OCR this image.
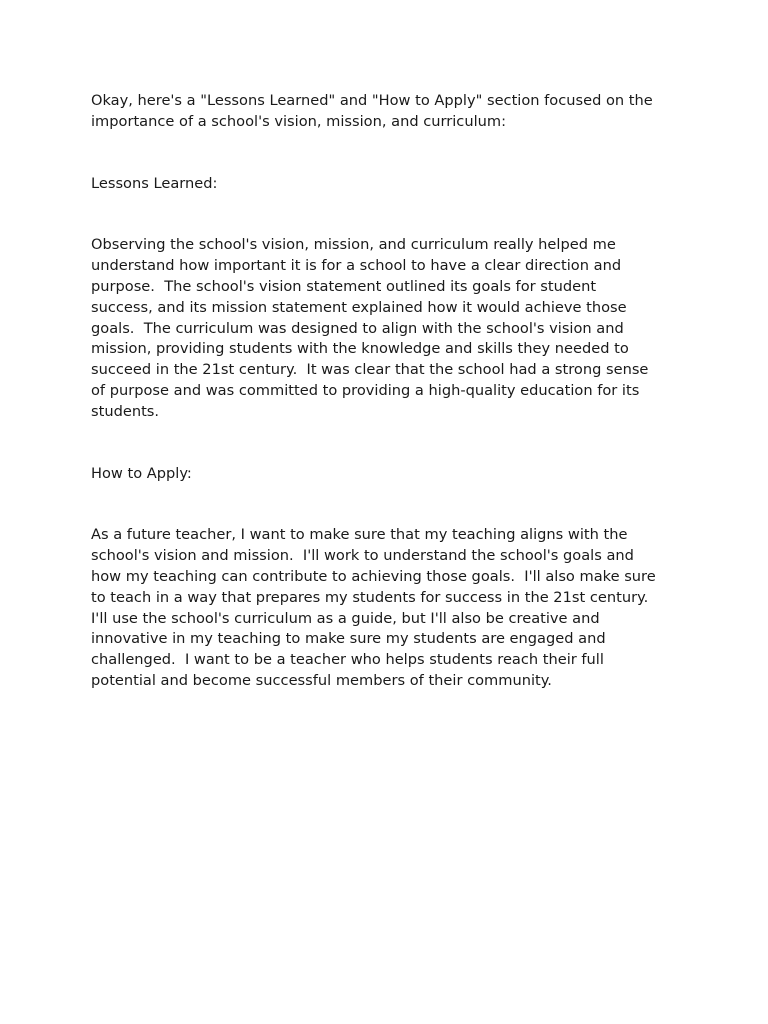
Okay, here's a "Lessons Learned" and "How to Apply" section focused on the

importance of a school's vision, mission, and curriculum:

Lessons Learned:

Observing the school's vision, mission, and curriculum really helped me

understand how important it is for a school to have a clear direction and

purpose.  The school's vision statement outlined its goals for student

success, and its mission statement explained how it would achieve those

goals.  The curriculum was designed to align with the school's vision and

mission, providing students with the knowledge and skills they needed to

succeed in the 21st century.  It was clear that the school had a strong sense

of purpose and was committed to providing a high-quality education for its

students.

How to Apply:

As a future teacher, I want to make sure that my teaching aligns with the

school's vision and mission.  I'll work to understand the school's goals and

how my teaching can contribute to achieving those goals.  I'll also make sure

to teach in a way that prepares my students for success in the 21st century.

I'll use the school's curriculum as a guide, but I'll also be creative and

innovative in my teaching to make sure my students are engaged and

challenged.  I want to be a teacher who helps students reach their full

potential and become successful members of their community.
